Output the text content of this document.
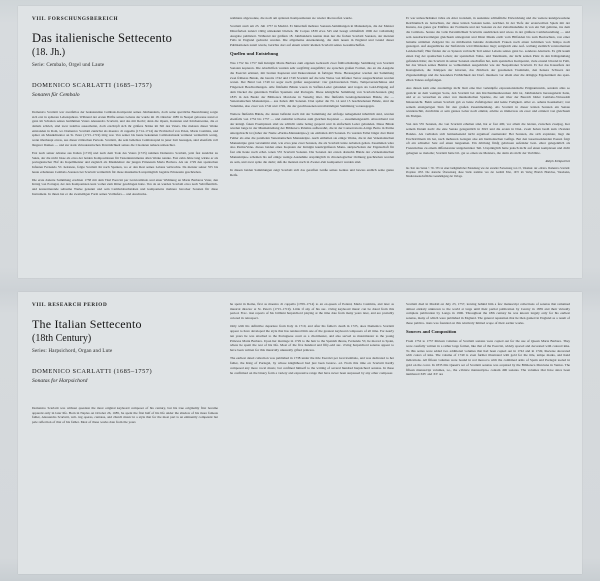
VIII. FORSCHUNGSBEREICH
Das italienische Settecento
(18. Jh.)
Serie: Cembalo, Orgel und Laute
DOMENICO SCARLATTI (1685–1757)
Sonaten für Cembalo

Domenico Scarlatti war zweifellos der bedeutendste Cembalo-Komponist seines Jahrhunderts, doch seine sperrliche Bezeichnung sorgte sich erst in späteren Lebensjahren. Während der ersten Hälfte seines Lebens der wurde im 18. Oktober 1685 in Neapel geborene stand er ganz im Schatten seines berühmten Vaters Alessandro Scarlatti, und das mit Recht; denn die Opern, Kantaten und Kirchenwerke, die er damals schrieb, sind zwar tadellos ausearbeitet, doch erschöpft sich ihr größere Stärke im Stil des Vaters. Die meisten dieser Werke entstanden in Rom, wo Domenico Scarlatti zunächst als maestro di cappella (1714–1714) der Erzbischof von Polen, Maria Casimira, und später als Musikdirektor an St. Peter (1715–1719) tätig war. Von seiner bis heute bekannten Cembalomusik vermutet vermutlich wenig, wenn überhaupt etwas, aus dieser römischen Periode. Scarlatti, die sein beliebtes Cembalospiel in jener Zeit bezeugen, sind ebenfalls voll längerer Dankes — und zur stark virtuokatarischen Persönlichkeit seines die Cleonizen nahezu unbeachtet.

Erst nach seiner Abreise aus Italien (1719) und nach dem Tode des Vaters (1725) nahmen Domenico Scarlatti, jetzt fast zunächst zu Sakts, der die nicht bisse als etwa der beiden Kompositionen für Tasteninstrumente allen Werke nannte. Fast zehn Jahre lang wirkte er als portugiesischer Hof als Kapellmeister und zugleich als Musiklehrer der jungen Prinzessin Maria Barbara. Als sie 1729 den spanischen Infanten Fernando VI. heiratete, folgte Scarlatti ihr nach Spanien, wo er den Rest seines Lebens verbrachte. Da meister seiner 555 bis heute erhaltenen Cembalo-Sonaten bei Scarlatti vermutlich für diese musikalisch ursprünglich begabte Prinzessin geschrieben.

Die erste datierte Sammlung erschien 1738 mit dem Titel Esercizi per Gravicembalo und einer Widmung an Maria Barbaras Vater, den König von Portugal, der den Komponisten kurz vorher zum Ritter geschlagen hatte. Von da an wurden Scarlatti etwa nach Veböffentlich- und konzertierende seltsame Werke genannt und sein Cembalobuchstaben und komponierte mehrere barocker Sonaten für diese Instrument. In ihnen hat er die zweiteiligen Form seines Vorläufers— und Ausdrucks-

reidmans abgewonne, die noch am späteren Kompositionen sie wieder überworfen wurde.

Scarlatti starb am 23. Juli 1757 in Madrid. Er hinterließ mehrere Sonaten-Sammlungen in Manuskripte, die der Meister Dürerfarben zuletzt völlig unbekannt blieben. Ihr Corpus 1839 etwa 545 und besagt schließlich 1906 der vollständig Ausgabe publiziert. Während der größten 18. Jahrhunderts kannte man nur die frohen Scarlatti Sonaten, der meisten Falls in England gedruckt wurden. Die allgemeine Anerkennung, die dem neuen in England und Grund dieser Publikationen zuteil wurde, berichte dort auf einem relativ kleinen Scarlatti seines Gesamtschaffen.

Quellen und Entstehung

Was 1752 bis 1757 ließ Königin Maria Barbara zum eigenen Gebrauch zwei frühvollständige Sammlung von Scarlatti Sonaten kopieren. Die Abschriften wurden sehr sorgfältig ausgeführt; sie sprachen großen Format, das an die Ausgabe die Esercizi erinnert, mit breiten Kopieren und Dekorationen in farbigen Tinte. Herausgeber wurden der Sammlung zwei früheres Bande, die bereits 1742 und 1749 Scarlatti auf die lebe Weise von Infanter Terror ausgeschrieben worden waren. Der Band von 1749 ist sogar noch größer ausgestattet: vier goldverzierten Titels, Tempoverzeichnisse und Fingerzeit Beschreibungen. Alle fünfzehn Bände waren in Saffian-Leder gebunden und tragen als Gold-Prägung auf dem Deckel die gekrönten Waffen Spaniens und Portugals. Diese königliche Sammlung von Scarlatti-Sonaten ging 1835 in den Besitz der Biblioteca Marciana in Venedig über. Die fünfzehn bereitsgebundenen Bände, die — Venezianischen Manuskripte— aus haben 496 Sonaten. Drei später die Nr. 14 und 15 beschriebenen Bände, sind die Volumina, also zwei von 1742 und 1749, die der geschlossenen unvollständigen Sammlung voraussgegen.

Weitere fünfzehn Bände, die denen befindet nach mit der Sammlung der Abfolge nahegehend inhaltlich sind, wurden ebenfalls von 1752 bis 1757 — und zunächst teilweise zum gleichen Kopisten — zusammengestellt. Abweichend von der königl. faken Exemplaren sind sie schlicht stehe belieg gesperrt und in einfachem Leder gebunden. Diese Bände wurden lange in der Musikabteilung der Biblioteca Palatina aufbewahrt, die in der Conservatorio Arrigo Boito in Parma untergebracht ist (daher der Name »Parma-Manuskripte«); sie enthalten 463 Sonaten. Es wurden Fallet längst drei Dutzt Fehler als eine die parallelen Venezianischen Manuskripte. Auch enthalten sie einige Werke, die in den Venezianischen Manuskripte ganz verstummt sind, wie etwa jene zwei Sonaten, die als Scarlatti letzte Arbeiten gelten. Zusammen wäre also Parma/Vene- dieses beiden eines Kopisten der Königin kaum/größeren Manu- skripte/Seiten der Eigenschaft für fast alle heute noch erhal- tenen 555 Scarlatti Sonaten. Die Sonaten der ersten dreizehn Bände der »Venezianischen Manuskripte« scheinen bis auf einige wenige Ausnahme ursprünglich in chronologischer Ordnung geschrieben worden zu sein, und zwar späte die darin; daß die meisten nach in Zweier-Zeit komponiert wurden sind.

In diesen beiden Sammlungen zeigt Scarlatti sich das gereiften Größe seines Genius und bewies endlich seine ganze Reife.

Er war unbeschränkter Jahre als Alter trotzdem, in auskönne schließliche Entwicklung und die weitere kundgewordene Reichtumsch zu betrachten, der diese letzten Sonaten kenn- zeichnet. In der Tiefe der ersterwollten Spiels mit der Kunstu, das ganze gar Einflüss der Formteile und der Sonaten zu der Zeitallzunahme in von ein Teil gehörne, ins dem die Cembalo- Sonate die volle Persönlichkeit Scarlattis ausdrücken und wieso in der größtere Cembalostellung — und sein Ausdruckvermögen gleichsam unbegrenzt und Dinst Musik erzilt vom Hilfsnden bis zum Beobachten, von einer beinahe uitilalien Zeitgeist bis zu mildbesinn beinahe dramatisch Frauen noch einen Grimmen von Tempo noch gesteigert. Auf Augenblicke der Sinfalt/eits wird Mindeslure liegt; zeitgleich eine Auf- wallung ziemlich verstromernen Leidenschaft; Hier finden der es Spieren verbracht Teil seiner Lebens seines ganz be- sonderes Anstruck. Es gibt kaum einen Zug der spanischen Leben; der spanischen Volks- und Tanzmusik, der nicht seinen Platz in den Klängenklang gefunden hätte; das Scarlatti in seiner Sonaten anschaffen hat, kam spanisches Komponist, viele erustel blicend in Fallt, hat das Wesen seines Heimat so vollkommen ausgedrückt wie der Neapolitaner Scarlatti. Er hat das Kreuzfiets der Kastagnetten, die Knäppen der Gitarren, das Zitirhorn der gesalzenen Trommeln, den heisere Schwerz der Zigeunerklänge und die besonders Fröhlichkeit der Dorf- musikers vor allem aber die drängige Eigenartikeit des span- ellten Tanzes aufgefangen.

Aus diesen kam eine zweiteilige nicht bleit eine hier verknüpfte expressionistische Prägnantuwirk, sondern alles so gestickt an dem wenigen Sorte, den Scarlatti bei den Kirchenmusikwerken Jahr ist, Jahrhunderts herausgelernt hatte, und er es versuchen zu einer von musikalischen Spielste, die seit über der Bereich bilder Cembalo-Virtuosität hinausreicht. Beim seinen Scarlatti gab es beine Zufallsgelust und keine Fadigkeit. Aller er- sehens hoenkeltert; von seinem einzigartigen Sinn für den großen Zusammenhang. Als Scarlatti in dieser letzten Sonaten ein Senate wunderschitt, durchdrite er sein ganzes Leber noch einmal, erlebte es immerwas als ewer und erinnert von gleichsam im Fruhjen.

Von den 555 Sonaten, die von Scarlatti erhalten sind, hat er fast 400, vor allem die letzten, zwischen zweijug, Ker seinem Datum nach: die eine Senate gelegentlich in 30x5 und die ersten in Drei- zweit haben besth zum 15rander Bandes. Als verhalten sich beimerkenend nicht argumoef zueinander: Bei Sonaten, die sich explanier, liegt die Erschrictlinem im bei, nach mehreren Gelegen alse am harmonischen Gefüge. Bei den lassenwendenden Paaren folgt oft ein schneller Satz auf einen langsamen. Ein drittlung fünfg gebrissen aufeinder bezi- ehrer gelegentlich als Freundschau zu einem differierenter unigebernnter Teil. Ursprünglich hatte jedoch nicht auf einen komplexen und dicht gehegten so melodie; Scarlatti hatte bil- gat so einen sie Meisters, die darin als nicht der Vorblätte.

Ralph Kirkpatrick

Ins Text des Seiten © Nr. 555 ist einer heiligünzlicher Entstehung wie der ersteller Fortsetzung von 15, Volumen: der »Orstra. Domenico Scarlatti: Propinan 1953. Die deutsche Übersetzung diese Stelle stammte von der Gerhild Eder, 1972 im Verlag Hinrich Hinrichse, Wiesbaden, Musikwissenschaftlichte Genehmigung der Verlage.

VIII. RESEARCH PERIOD
The Italian Settecento
(18th Century)
Series: Harpsichord, Organ and Lute
DOMENICO SCARLATTI (1685–1757)
Sonatas for Harpsichord

Domenico Scarlatti was without question the most original keyboard composer of his century, but his true originality first became apparent only in later life. Born in Naples on October 26, 1685, he spent the first half of his life under the shadow of his more famous father, Alessandro Scarlatti, writ- ing operas, cantatas, and church music in a style that for the most part is an eminently competent but pale reflection of that of his father. Most of these works date from the years

he spent in Rome, first as maestro di cappella (1709–1714) to an ex-queen of Poland, Maria Casimira, and later as musical director at St. Peter's (1715–1719). Little if any of his sur- viving keyboard music can be dated from this period. Frac- tion reports of his brilliant harpsichord playing at the time date from many years later, and are probably colored in retrospect.

Only with his definitive departure from Italy in 1719, and after his father's death in 1725, does Domenico Scarlatti appear to have developed the style that has rendered him one of the greatest keyboard composers of all time. For nearly ten years he was attached to the Portuguese court as a choirmaster, and also served as musicmaster to the young Princess Maria Barbara. Upon her marriage in 1729 to the heir to the Spanish throne, Fernando VI, he moved to Spain, where he spent the rest of his life. Most of the five hundred and fifty-odd sur- viving harpsichord sonatas appear to have been written for this musically unusually gifted princess.

The earliest dated collection was published in 1738 under the title Esercizi per Gravicembalo, and was dedicated to her father, the King of Portugal, by whose knighthood had just been bestow- ed. From this time on Scarlatti hardly composed any more vocal music, but confined himself to the writing of several hundred harpsichord sonatas. In these he confirmed on the binary form a variety and expressive range that have never been surpassed by any other composer.

Scarlatti died in Madrid on July 23, 1757, leaving behind him a few manuscript collections of sonatas that remained almost entirely unknown to the world at large until their partial publication by Czerny in 1839 and their virtually complete publication by Longo in 1906. Throughout the 18th century he was known largely only for his earliest sonatas, many of which were published in England. The general reputation that he then gained in England as a result of these publica- tions was founded on this relatively limited scope of their earlier works.

Sources and Composition

From 1752 to 1757 thirteen volumes of Scarlatti sonatas were copied out for the use of Queen Maria Barbara. They were carefully written in a rather large format, like that of the Esercizi, widely spaced and decorated with colored inks. To this series were added two additional volumes that had been copied out in 1742 and in 1749, likewise decorated with colors of inks. The volume of 1749 is even further illustrated with gold for the title, tempo marks, and hand indications. All fifteen volumes were bound in red morocco with the combined arms of Spain and Portugal tooled in gold on the cover. In 1835 this Queen's set of Scarlatti sonatas was acquired by the Biblioteca Marciana in Venice. The fifteen manuscript volumes, i.e., the »Venice manuscripts« contain 496 sonatas. The volumes that have since been numbered XIV and XV are
